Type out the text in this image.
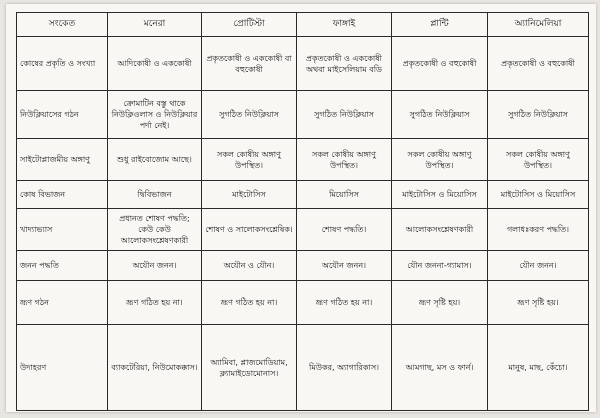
সংকেত	মনেরা	প্রোটিস্টা	ফাঙ্গাই	প্লান্টি	অ্যানিমেলিয়া
কোষের প্রকৃতি ও সংখ্যা	আদিকোষী ও এককোষী	প্রকৃতকোষী ও এককোষী বা বহুকোষী	প্রকৃতকোষী ও এককোষী অথবা মাইসেলিয়াম বডি	প্রকৃতকোষী ও বহুকোষী	প্রকৃতকোষী ও বহুকোষী
নিউক্লিয়াসের গঠন	ক্রোমাটিন বস্তু থাকে নিউক্লিওলাস ও নিউক্লিয়ার পর্দা নেই।	সুগঠিত নিউক্লিয়াস	সুগঠিত নিউক্লিয়াস	সুগঠিত নিউক্লিয়াস	সুগঠিত নিউক্লিয়াস
সাইটোপ্লাজমীয় অঙ্গাণু	শুধু রাইবোজোম আছে।	সকল কোষীয় অঙ্গাণু উপস্থিত।	সকল কোষীয় অঙ্গাণু উপস্থিত।	সকল কোষীয় অঙ্গাণু উপস্থিত।	সকল কোষীয় অঙ্গাণু উপস্থিত।
কোষ বিভাজন	দ্বিবিভাজন	মাইটোসিস	মিয়োসিস	মাইটোসিস ও মিয়োসিস	মাইটোসিস ও মিয়োসিস
খাদ্যাভ্যাস	প্রধানত শোষণ পদ্ধতি; কেউ কেউ আলোকসংশ্লেষণকারী	শোষণ ও সালোকসংশ্লেষিক।	শোষণ পদ্ধতি।	আলোকসংশ্লেষণকারী	গলাধঃকরণ পদ্ধতি।
জনন পদ্ধতি	অযৌন জনন।	অযৌন ও যৌন।	অযৌন জনন।	যৌন জননা-গ্যামাস।	যৌন জনন।
ভ্রূণ গঠন	ভ্রূণ গঠিত হয় না।	ভ্রূণ গঠিত হয় না।	ভ্রূণ গঠিত হয় না।	ভ্রূণ সৃষ্টি হয়।	ভ্রূণ সৃষ্টি হয়।
উদাহরণ	ব্যাকটেরিয়া, নিউমোকক্কাস।	অ্যামিবা, প্লাজমোডিয়াম, ক্ল্যামাইডোমোনাস।	মিউকর, অ্যাগারিকাস।	আমগাছ, মস ও ফার্ন।	মানুষ, মাছ, কেঁচো।
